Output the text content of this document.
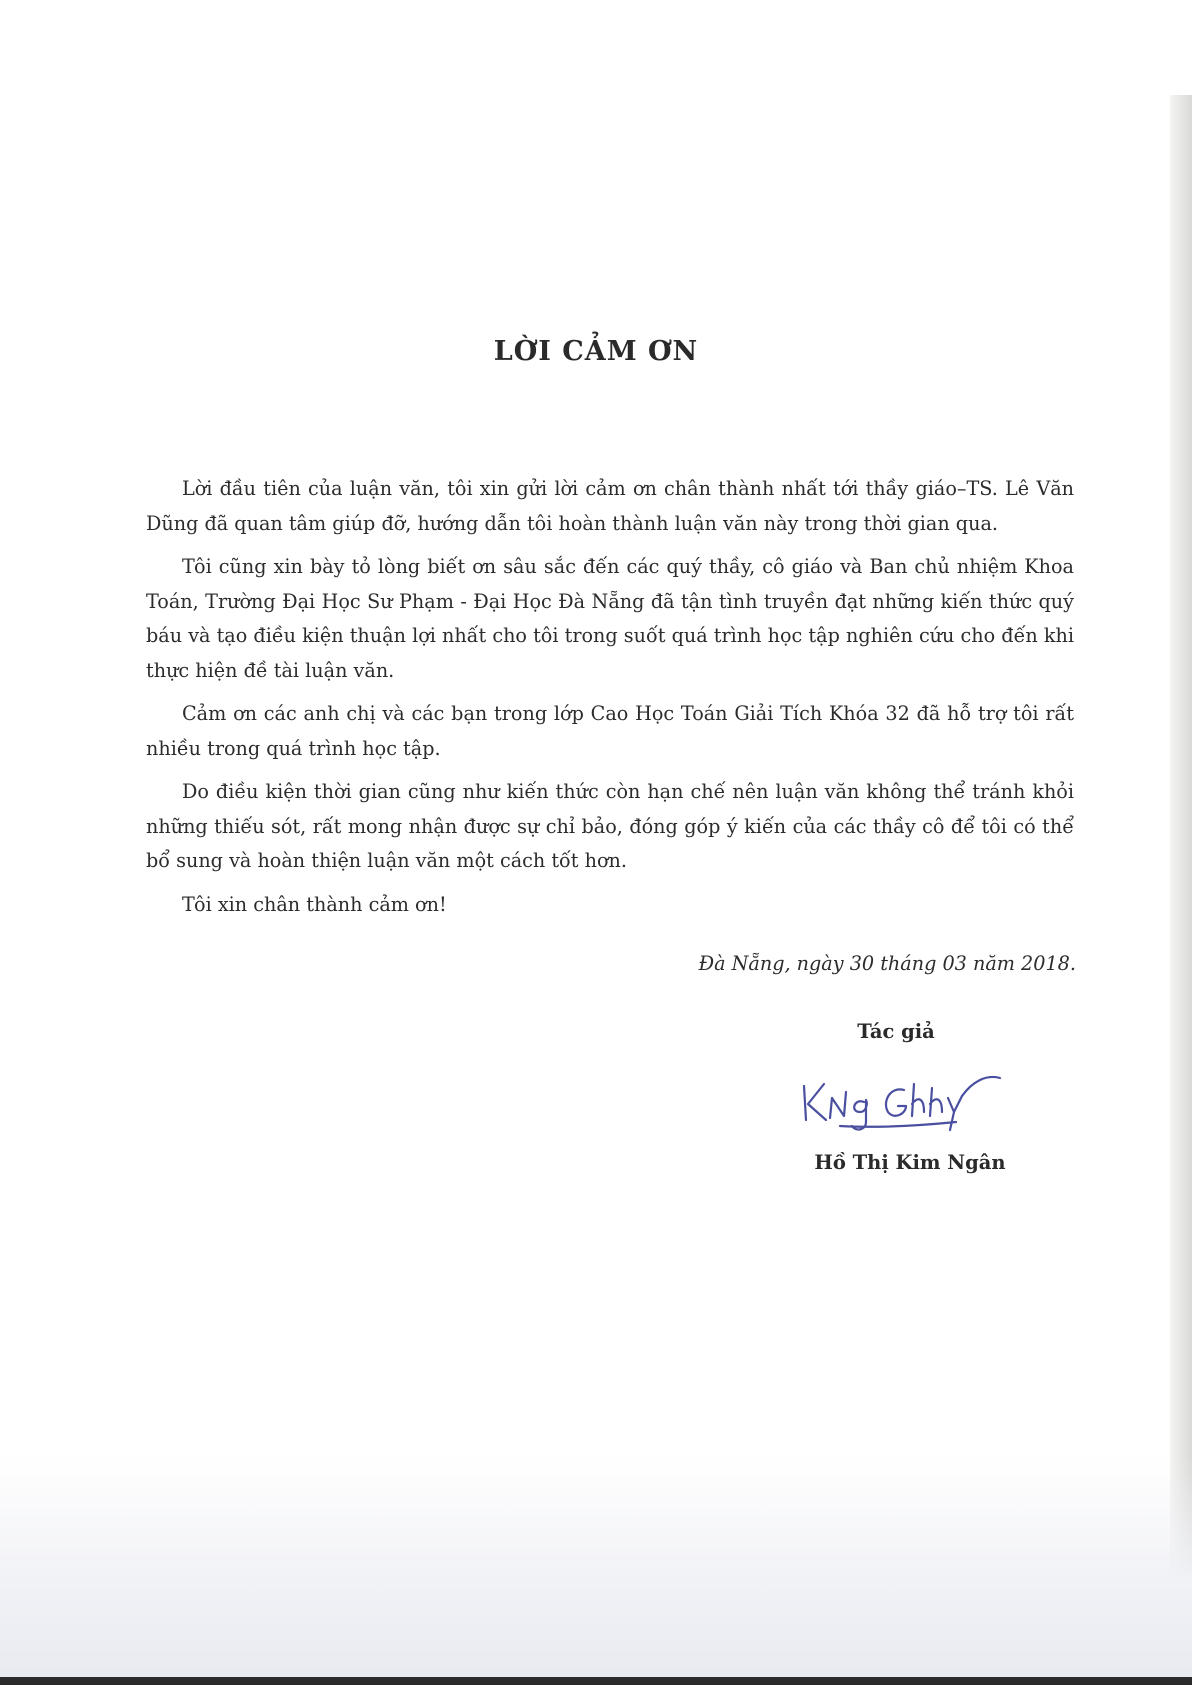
LỜI CẢM ƠN

Lời đầu tiên của luận văn, tôi xin gửi lời cảm ơn chân thành nhất tới thầy giáo–TS. Lê Văn Dũng đã quan tâm giúp đỡ, hướng dẫn tôi hoàn thành luận văn này trong thời gian qua.

Tôi cũng xin bày tỏ lòng biết ơn sâu sắc đến các quý thầy, cô giáo và Ban chủ nhiệm Khoa Toán, Trường Đại Học Sư Phạm - Đại Học Đà Nẵng đã tận tình truyền đạt những kiến thức quý báu và tạo điều kiện thuận lợi nhất cho tôi trong suốt quá trình học tập nghiên cứu cho đến khi thực hiện đề tài luận văn.

Cảm ơn các anh chị và các bạn trong lớp Cao Học Toán Giải Tích Khóa 32 đã hỗ trợ tôi rất nhiều trong quá trình học tập.

Do điều kiện thời gian cũng như kiến thức còn hạn chế nên luận văn không thể tránh khỏi những thiếu sót, rất mong nhận được sự chỉ bảo, đóng góp ý kiến của các thầy cô để tôi có thể bổ sung và hoàn thiện luận văn một cách tốt hơn.

Tôi xin chân thành cảm ơn!

Đà Nẵng, ngày 30 tháng 03 năm 2018.
Tác giả
Hồ Thị Kim Ngân
